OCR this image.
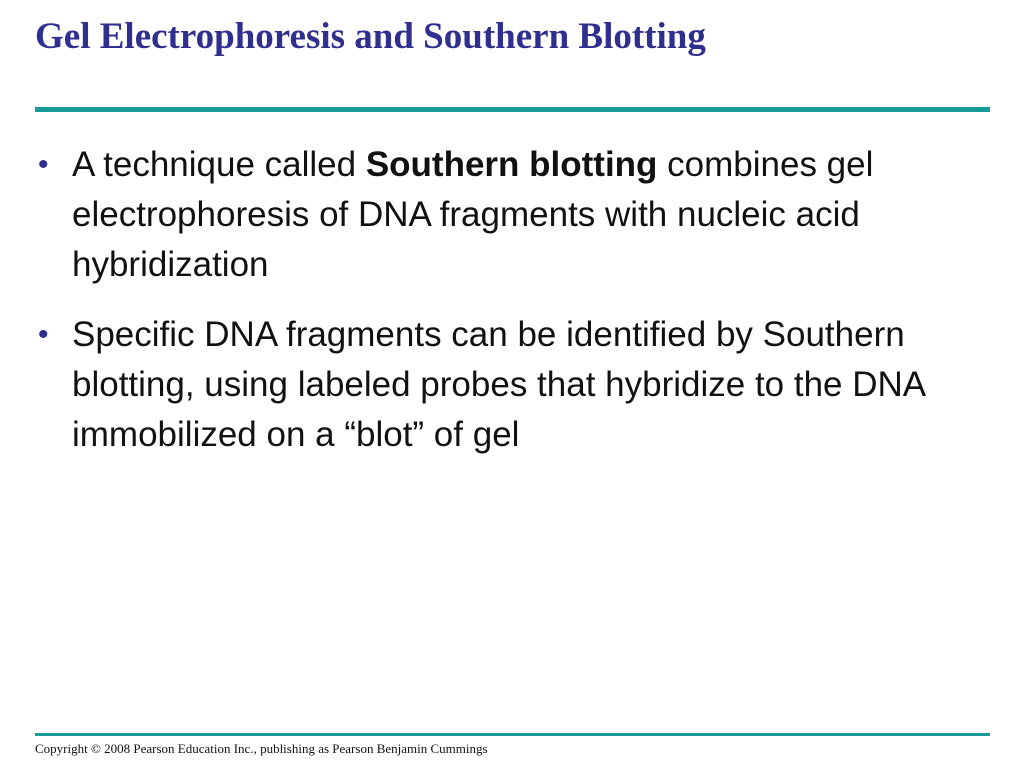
Gel Electrophoresis and Southern Blotting
• A technique called Southern blotting combines gel electrophoresis of DNA fragments with nucleic acid hybridization
• Specific DNA fragments can be identified by Southern blotting, using labeled probes that hybridize to the DNA immobilized on a “blot” of gel
Copyright © 2008 Pearson Education Inc., publishing as Pearson Benjamin Cummings
